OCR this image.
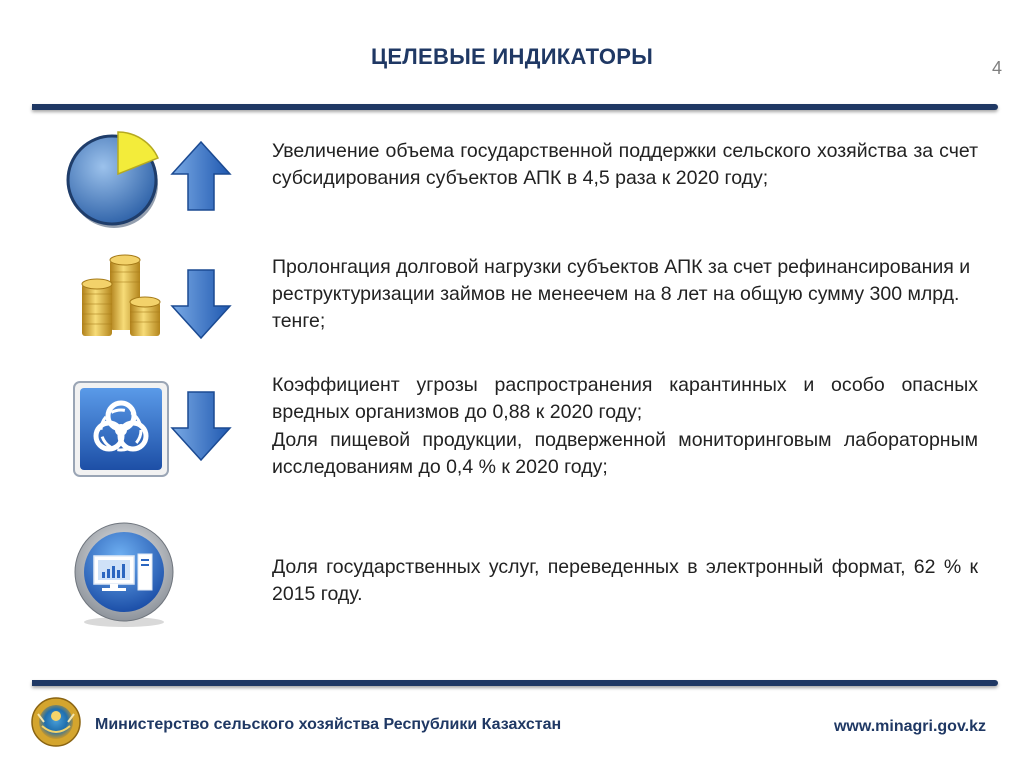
ЦЕЛЕВЫЕ ИНДИКАТОРЫ	4
Увеличение объема государственной поддержки сельского хозяйства за счет субсидирования субъектов АПК в 4,5 раза к 2020 году;
Пролонгация долговой нагрузки субъектов АПК за счет рефинансирования и реструктуризации займов не менеечем на 8 лет на общую сумму 300 млрд. тенге;
Коэффициент угрозы распространения карантинных и особо опасных вредных организмов до 0,88 к 2020 году;
Доля пищевой продукции, подверженной мониторинговым лабораторным исследованиям до 0,4 % к 2020 году;
Доля государственных услуг, переведенных в электронный формат, 62 % к 2015 году.
Министерство сельского хозяйства Республики Казахстан	www.minagri.gov.kz
